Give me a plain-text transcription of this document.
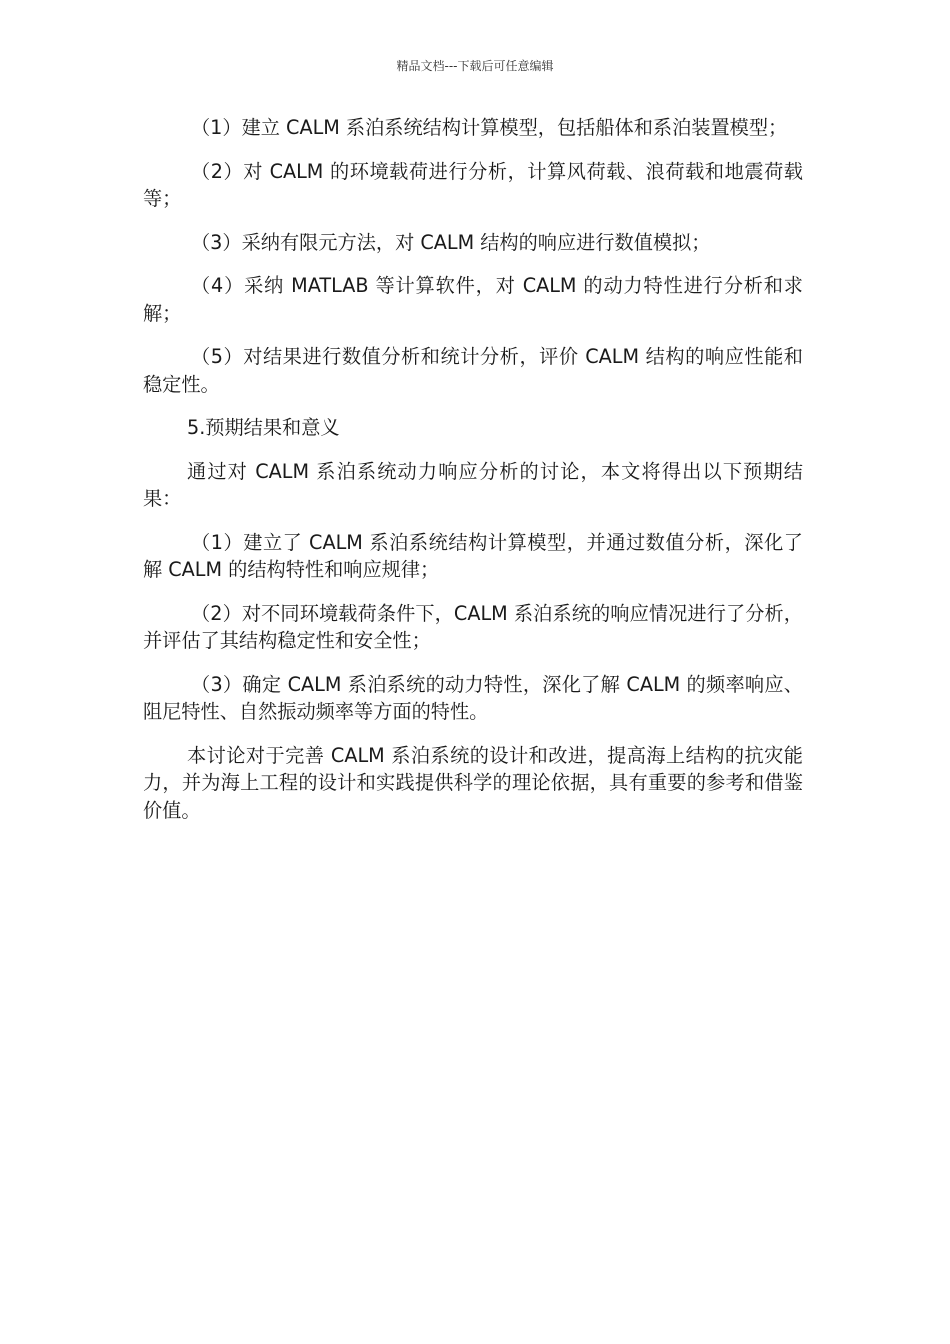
精品文档---下载后可任意编辑

（1）建立 CALM 系泊系统结构计算模型，包括船体和系泊装置模型；

（2）对 CALM 的环境载荷进行分析，计算风荷载、浪荷载和地震荷载等；

（3）采纳有限元方法，对 CALM 结构的响应进行数值模拟；

（4）采纳 MATLAB 等计算软件，对 CALM 的动力特性进行分析和求解；

（5）对结果进行数值分析和统计分析，评价 CALM 结构的响应性能和稳定性。

5.预期结果和意义

通过对 CALM 系泊系统动力响应分析的讨论，本文将得出以下预期结果：

（1）建立了 CALM 系泊系统结构计算模型，并通过数值分析，深化了解 CALM 的结构特性和响应规律；

（2）对不同环境载荷条件下，CALM 系泊系统的响应情况进行了分析，并评估了其结构稳定性和安全性；

（3）确定 CALM 系泊系统的动力特性，深化了解 CALM 的频率响应、阻尼特性、自然振动频率等方面的特性。

本讨论对于完善 CALM 系泊系统的设计和改进，提高海上结构的抗灾能力，并为海上工程的设计和实践提供科学的理论依据，具有重要的参考和借鉴价值。
